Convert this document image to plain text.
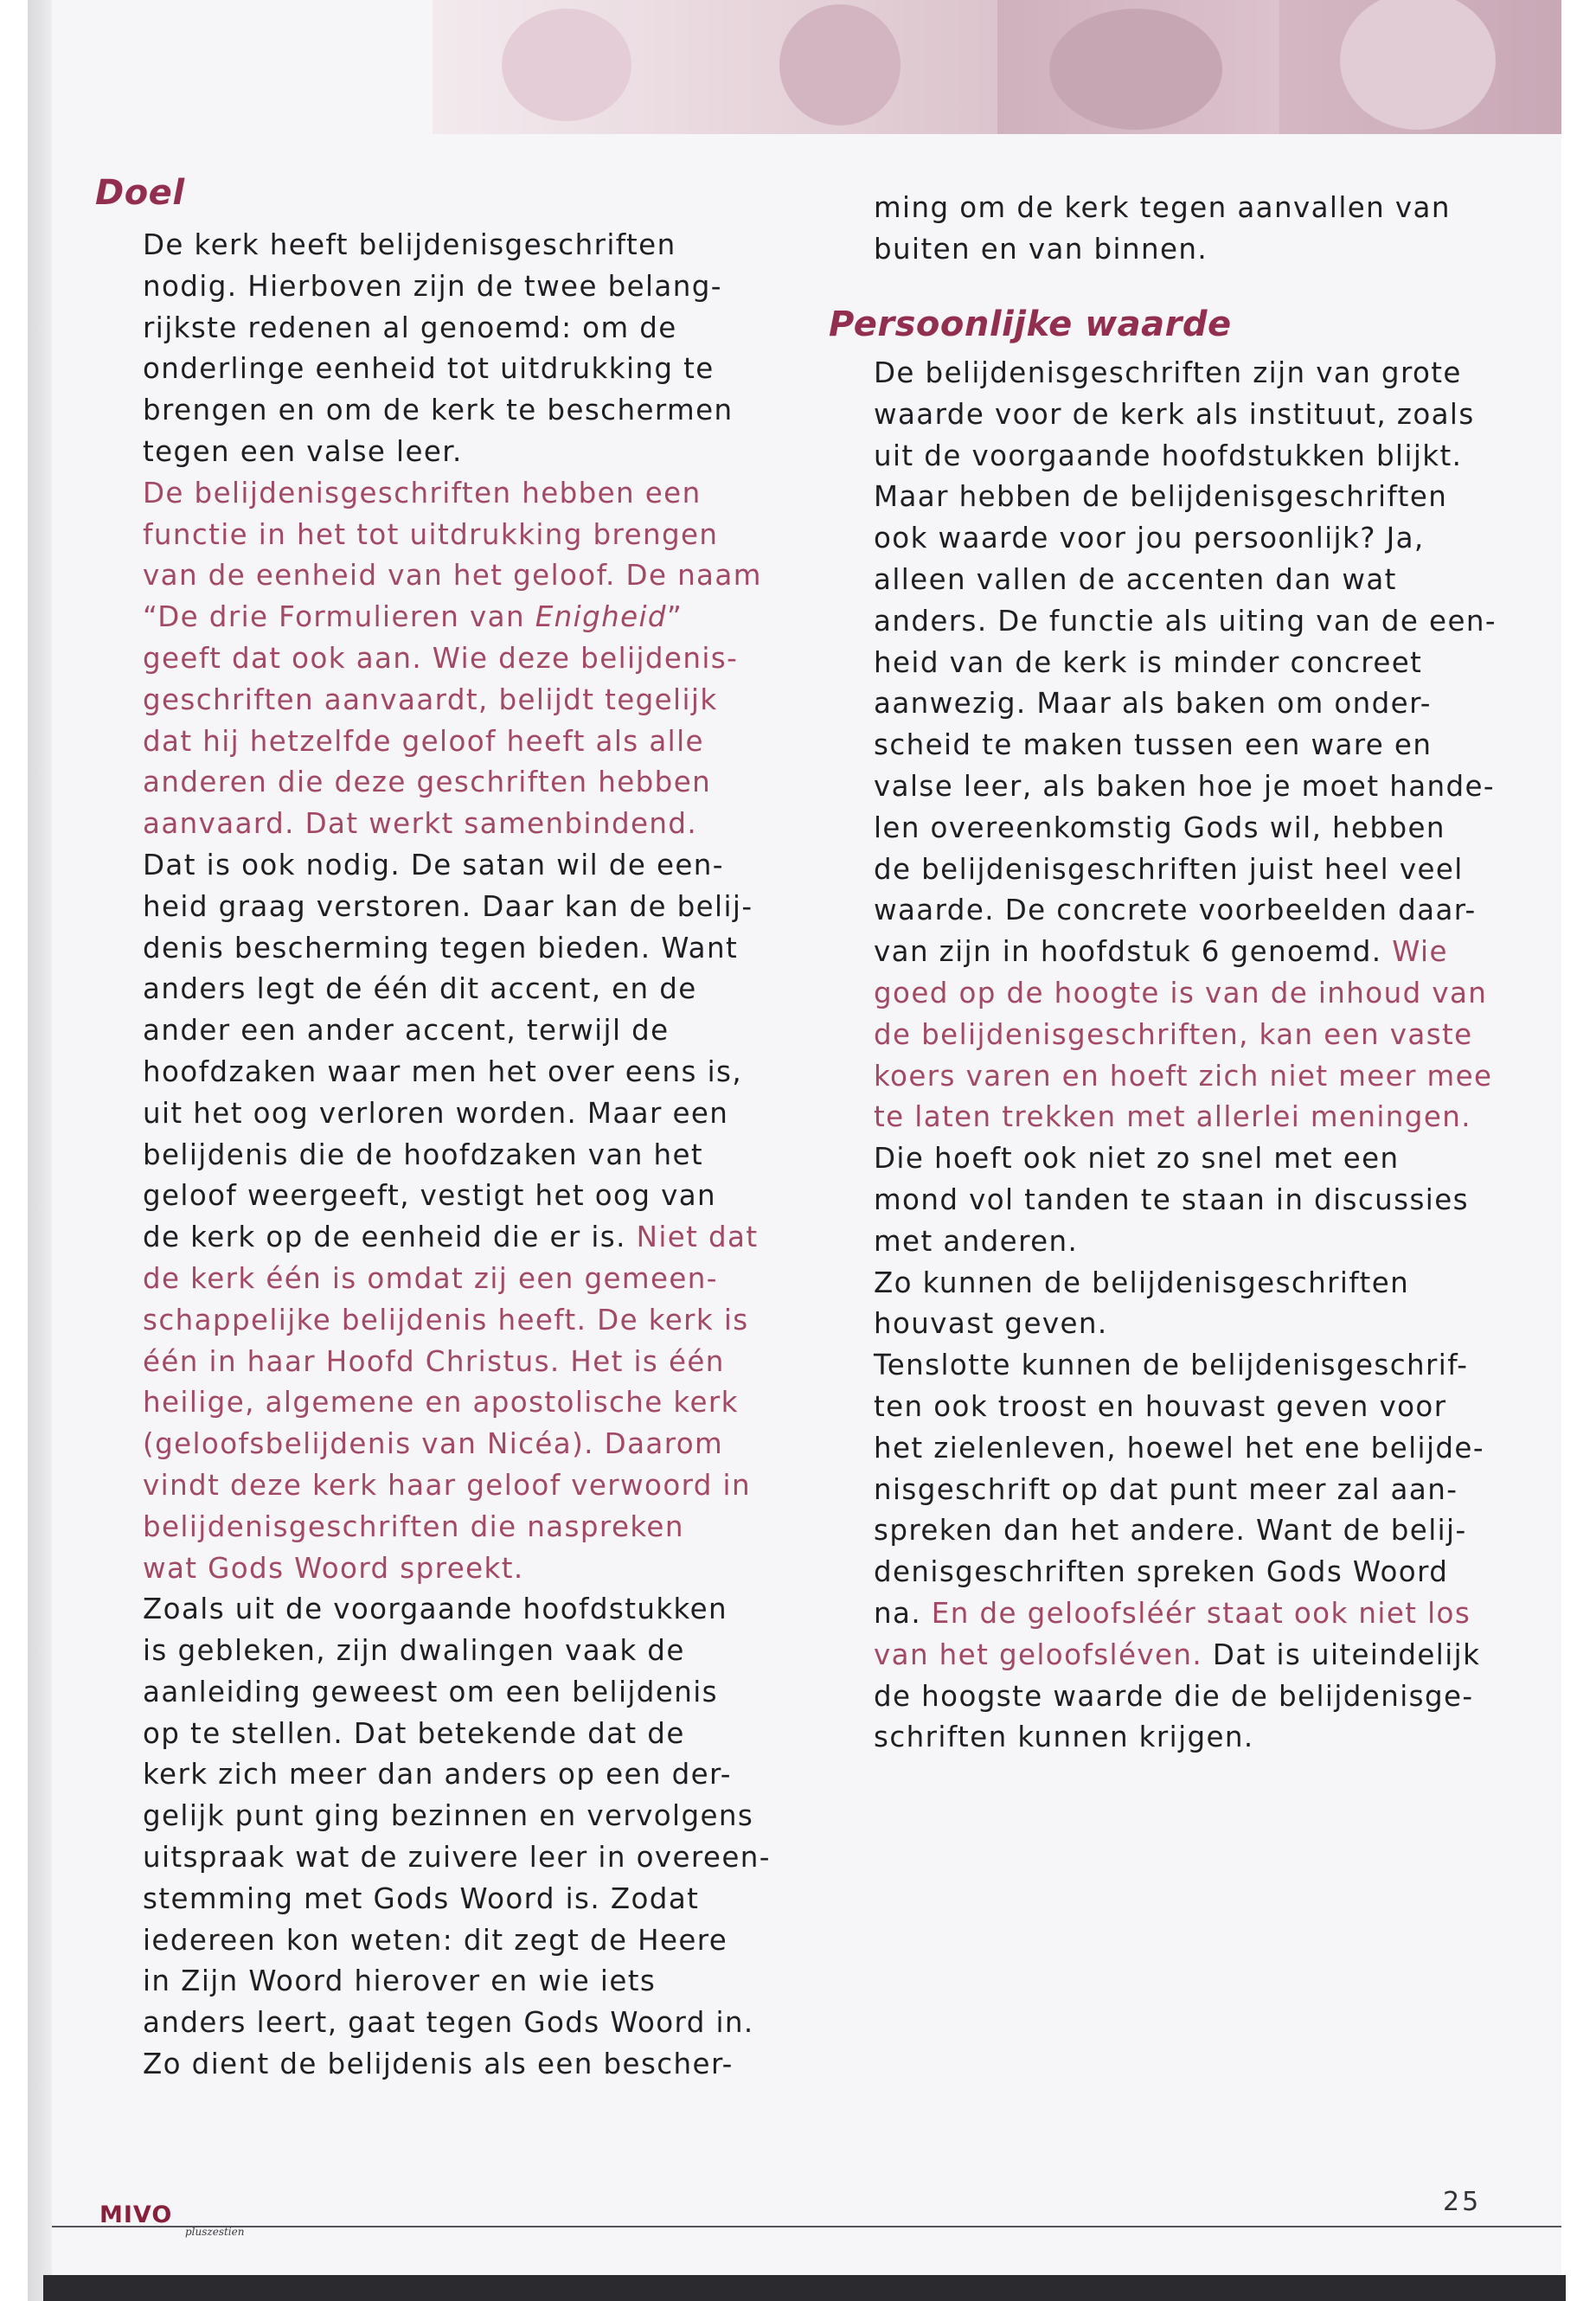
Doel

De kerk heeft belijdenisgeschriften
nodig. Hierboven zijn de twee belang-
rijkste redenen al genoemd: om de
onderlinge eenheid tot uitdrukking te
brengen en om de kerk te beschermen
tegen een valse leer.

De belijdenisgeschriften hebben een
functie in het tot uitdrukking brengen
van de eenheid van het geloof. De naam
“De drie Formulieren van Enigheid”
geeft dat ook aan. Wie deze belijdenis-
geschriften aanvaardt, belijdt tegelijk
dat hij hetzelfde geloof heeft als alle
anderen die deze geschriften hebben
aanvaard. Dat werkt samenbindend.

Dat is ook nodig. De satan wil de een-
heid graag verstoren. Daar kan de belij-
denis bescherming tegen bieden. Want
anders legt de één dit accent, en de
ander een ander accent, terwijl de
hoofdzaken waar men het over eens is,
uit het oog verloren worden. Maar een
belijdenis die de hoofdzaken van het
geloof weergeeft, vestigt het oog van
de kerk op de eenheid die er is. Niet dat
de kerk één is omdat zij een gemeen-
schappelijke belijdenis heeft. De kerk is
één in haar Hoofd Christus. Het is één
heilige, algemene en apostolische kerk
(geloofsbelijdenis van Nicéa). Daarom
vindt deze kerk haar geloof verwoord in
belijdenisgeschriften die naspreken
wat Gods Woord spreekt.

Zoals uit de voorgaande hoofdstukken
is gebleken, zijn dwalingen vaak de
aanleiding geweest om een belijdenis
op te stellen. Dat betekende dat de
kerk zich meer dan anders op een der-
gelijk punt ging bezinnen en vervolgens
uitspraak wat de zuivere leer in overeen-
stemming met Gods Woord is. Zodat
iedereen kon weten: dit zegt de Heere
in Zijn Woord hierover en wie iets
anders leert, gaat tegen Gods Woord in.
Zo dient de belijdenis als een bescher-

ming om de kerk tegen aanvallen van
buiten en van binnen.

Persoonlijke waarde

De belijdenisgeschriften zijn van grote
waarde voor de kerk als instituut, zoals
uit de voorgaande hoofdstukken blijkt.
Maar hebben de belijdenisgeschriften
ook waarde voor jou persoonlijk? Ja,
alleen vallen de accenten dan wat
anders. De functie als uiting van de een-
heid van de kerk is minder concreet
aanwezig. Maar als baken om onder-
scheid te maken tussen een ware en
valse leer, als baken hoe je moet hande-
len overeenkomstig Gods wil, hebben
de belijdenisgeschriften juist heel veel
waarde. De concrete voorbeelden daar-
van zijn in hoofdstuk 6 genoemd. Wie
goed op de hoogte is van de inhoud van
de belijdenisgeschriften, kan een vaste
koers varen en hoeft zich niet meer mee
te laten trekken met allerlei meningen.
Die hoeft ook niet zo snel met een
mond vol tanden te staan in discussies
met anderen.

Zo kunnen de belijdenisgeschriften
houvast geven.

Tenslotte kunnen de belijdenisgeschrif-
ten ook troost en houvast geven voor
het zielenleven, hoewel het ene belijde-
nisgeschrift op dat punt meer zal aan-
spreken dan het andere. Want de belij-
denisgeschriften spreken Gods Woord
na. En de geloofsléér staat ook niet los
van het geloofsléven. Dat is uiteindelijk
de hoogste waarde die de belijdenisge-
schriften kunnen krijgen.

MIVO
pluszestien
25
